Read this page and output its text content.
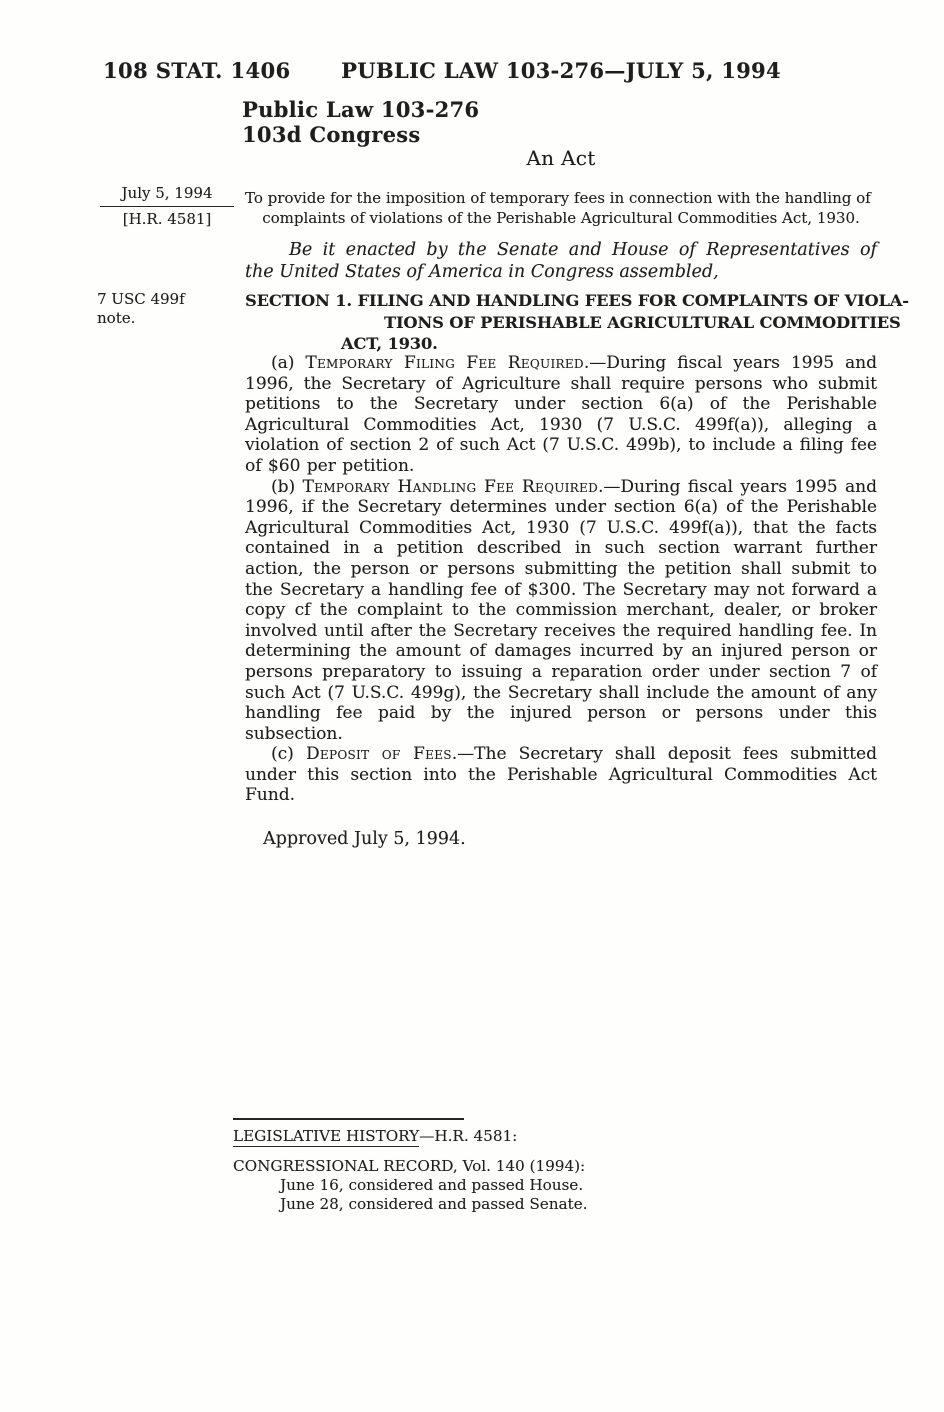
108 STAT. 1406	PUBLIC LAW 103-276—JULY 5, 1994
Public Law 103-276
103d Congress
An Act
July 5, 1994
[H.R. 4581]
To provide for the imposition of temporary fees in connection with the handling of
complaints of violations of the Perishable Agricultural Commodities Act, 1930.
Be it enacted by the Senate and House of Representatives of
the United States of America in Congress assembled,
7 USC 499f
note.
SECTION 1. FILING AND HANDLING FEES FOR COMPLAINTS OF VIOLA-
TIONS OF PERISHABLE AGRICULTURAL COMMODITIES
ACT, 1930.

(a) Temporary Filing Fee Required.—During fiscal years 1995 and 1996, the Secretary of Agriculture shall require persons who submit petitions to the Secretary under section 6(a) of the Perishable Agricultural Commodities Act, 1930 (7 U.S.C. 499f(a)), alleging a violation of section 2 of such Act (7 U.S.C. 499b), to include a filing fee of $60 per petition.

(b) Temporary Handling Fee Required.—During fiscal years 1995 and 1996, if the Secretary determines under section 6(a) of the Perishable Agricultural Commodities Act, 1930 (7 U.S.C. 499f(a)), that the facts contained in a petition described in such section warrant further action, the person or persons submitting the petition shall submit to the Secretary a handling fee of $300. The Secretary may not forward a copy cf the complaint to the commission merchant, dealer, or broker involved until after the Secretary receives the required handling fee. In determining the amount of damages incurred by an injured person or persons preparatory to issuing a reparation order under section 7 of such Act (7 U.S.C. 499g), the Secretary shall include the amount of any handling fee paid by the injured person or persons under this subsection.

(c) Deposit of Fees.—The Secretary shall deposit fees submitted under this section into the Perishable Agricultural Commodities Act Fund.

Approved July 5, 1994.
LEGISLATIVE HISTORY—H.R. 4581:
CONGRESSIONAL RECORD, Vol. 140 (1994):
June 16, considered and passed House.
June 28, considered and passed Senate.
